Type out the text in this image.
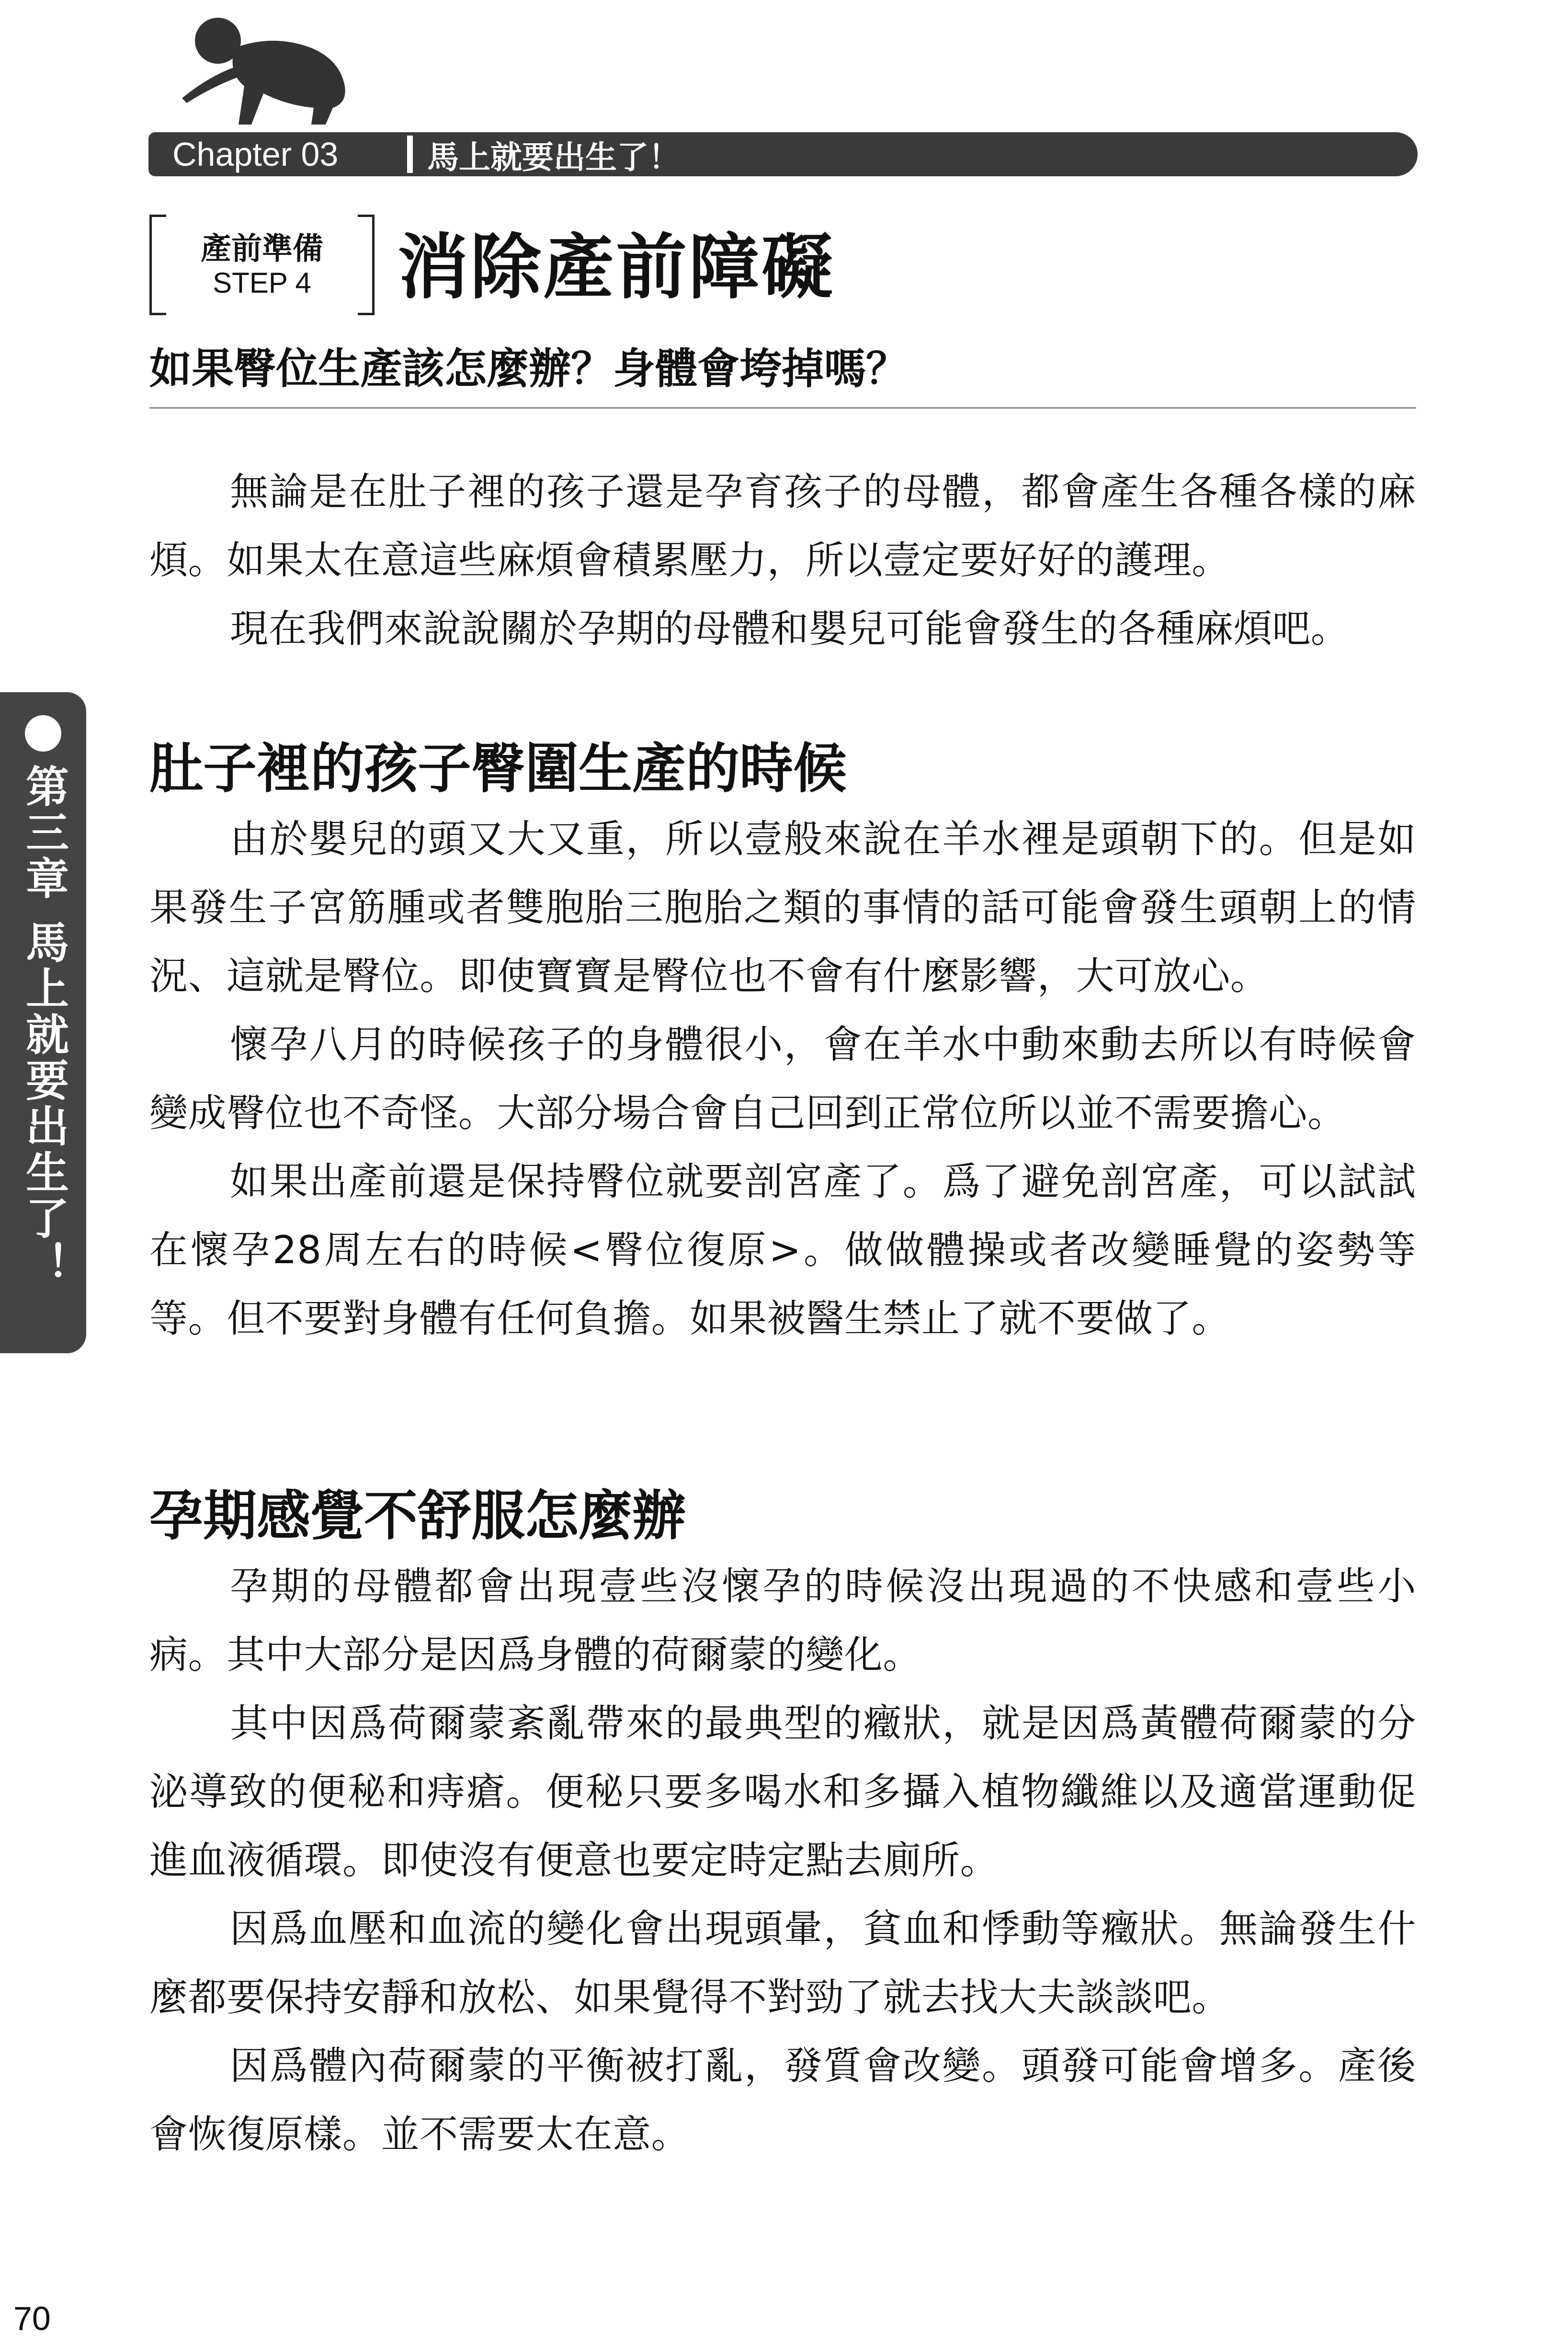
Chapter 03	馬上就要出生了！
產前準備
STEP 4	消除產前障礙
如果臀位生產該怎麼辦？身體會垮掉嗎？

無論是在肚子裡的孩子還是孕育孩子的母體，都會產生各種各樣的麻煩。如果太在意這些麻煩會積累壓力，所以壹定要好好的護理。

現在我們來說說關於孕期的母體和嬰兒可能會發生的各種麻煩吧。

肚子裡的孩子臀圍生產的時候

由於嬰兒的頭又大又重，所以壹般來說在羊水裡是頭朝下的。但是如果發生子宮筋腫或者雙胞胎三胞胎之類的事情的話可能會發生頭朝上的情況、這就是臀位。即使寶寶是臀位也不會有什麼影響，大可放心。

懷孕八月的時候孩子的身體很小，會在羊水中動來動去所以有時候會變成臀位也不奇怪。大部分場合會自己回到正常位所以並不需要擔心。

如果出產前還是保持臀位就要剖宮產了。爲了避免剖宮產，可以試試在懷孕28周左右的時候<臀位復原>。做做體操或者改變睡覺的姿勢等等。但不要對身體有任何負擔。如果被醫生禁止了就不要做了。

孕期感覺不舒服怎麼辦

孕期的母體都會出現壹些沒懷孕的時候沒出現過的不快感和壹些小病。其中大部分是因爲身體的荷爾蒙的變化。

其中因爲荷爾蒙紊亂帶來的最典型的癥狀，就是因爲黃體荷爾蒙的分泌導致的便秘和痔瘡。便秘只要多喝水和多攝入植物纖維以及適當運動促進血液循環。即使沒有便意也要定時定點去廁所。

因爲血壓和血流的變化會出現頭暈，貧血和悸動等癥狀。無論發生什麼都要保持安靜和放松、如果覺得不對勁了就去找大夫談談吧。

因爲體內荷爾蒙的平衡被打亂，發質會改變。頭發可能會增多。產後會恢復原樣。並不需要太在意。

第三章 馬上就要出生了！
70
